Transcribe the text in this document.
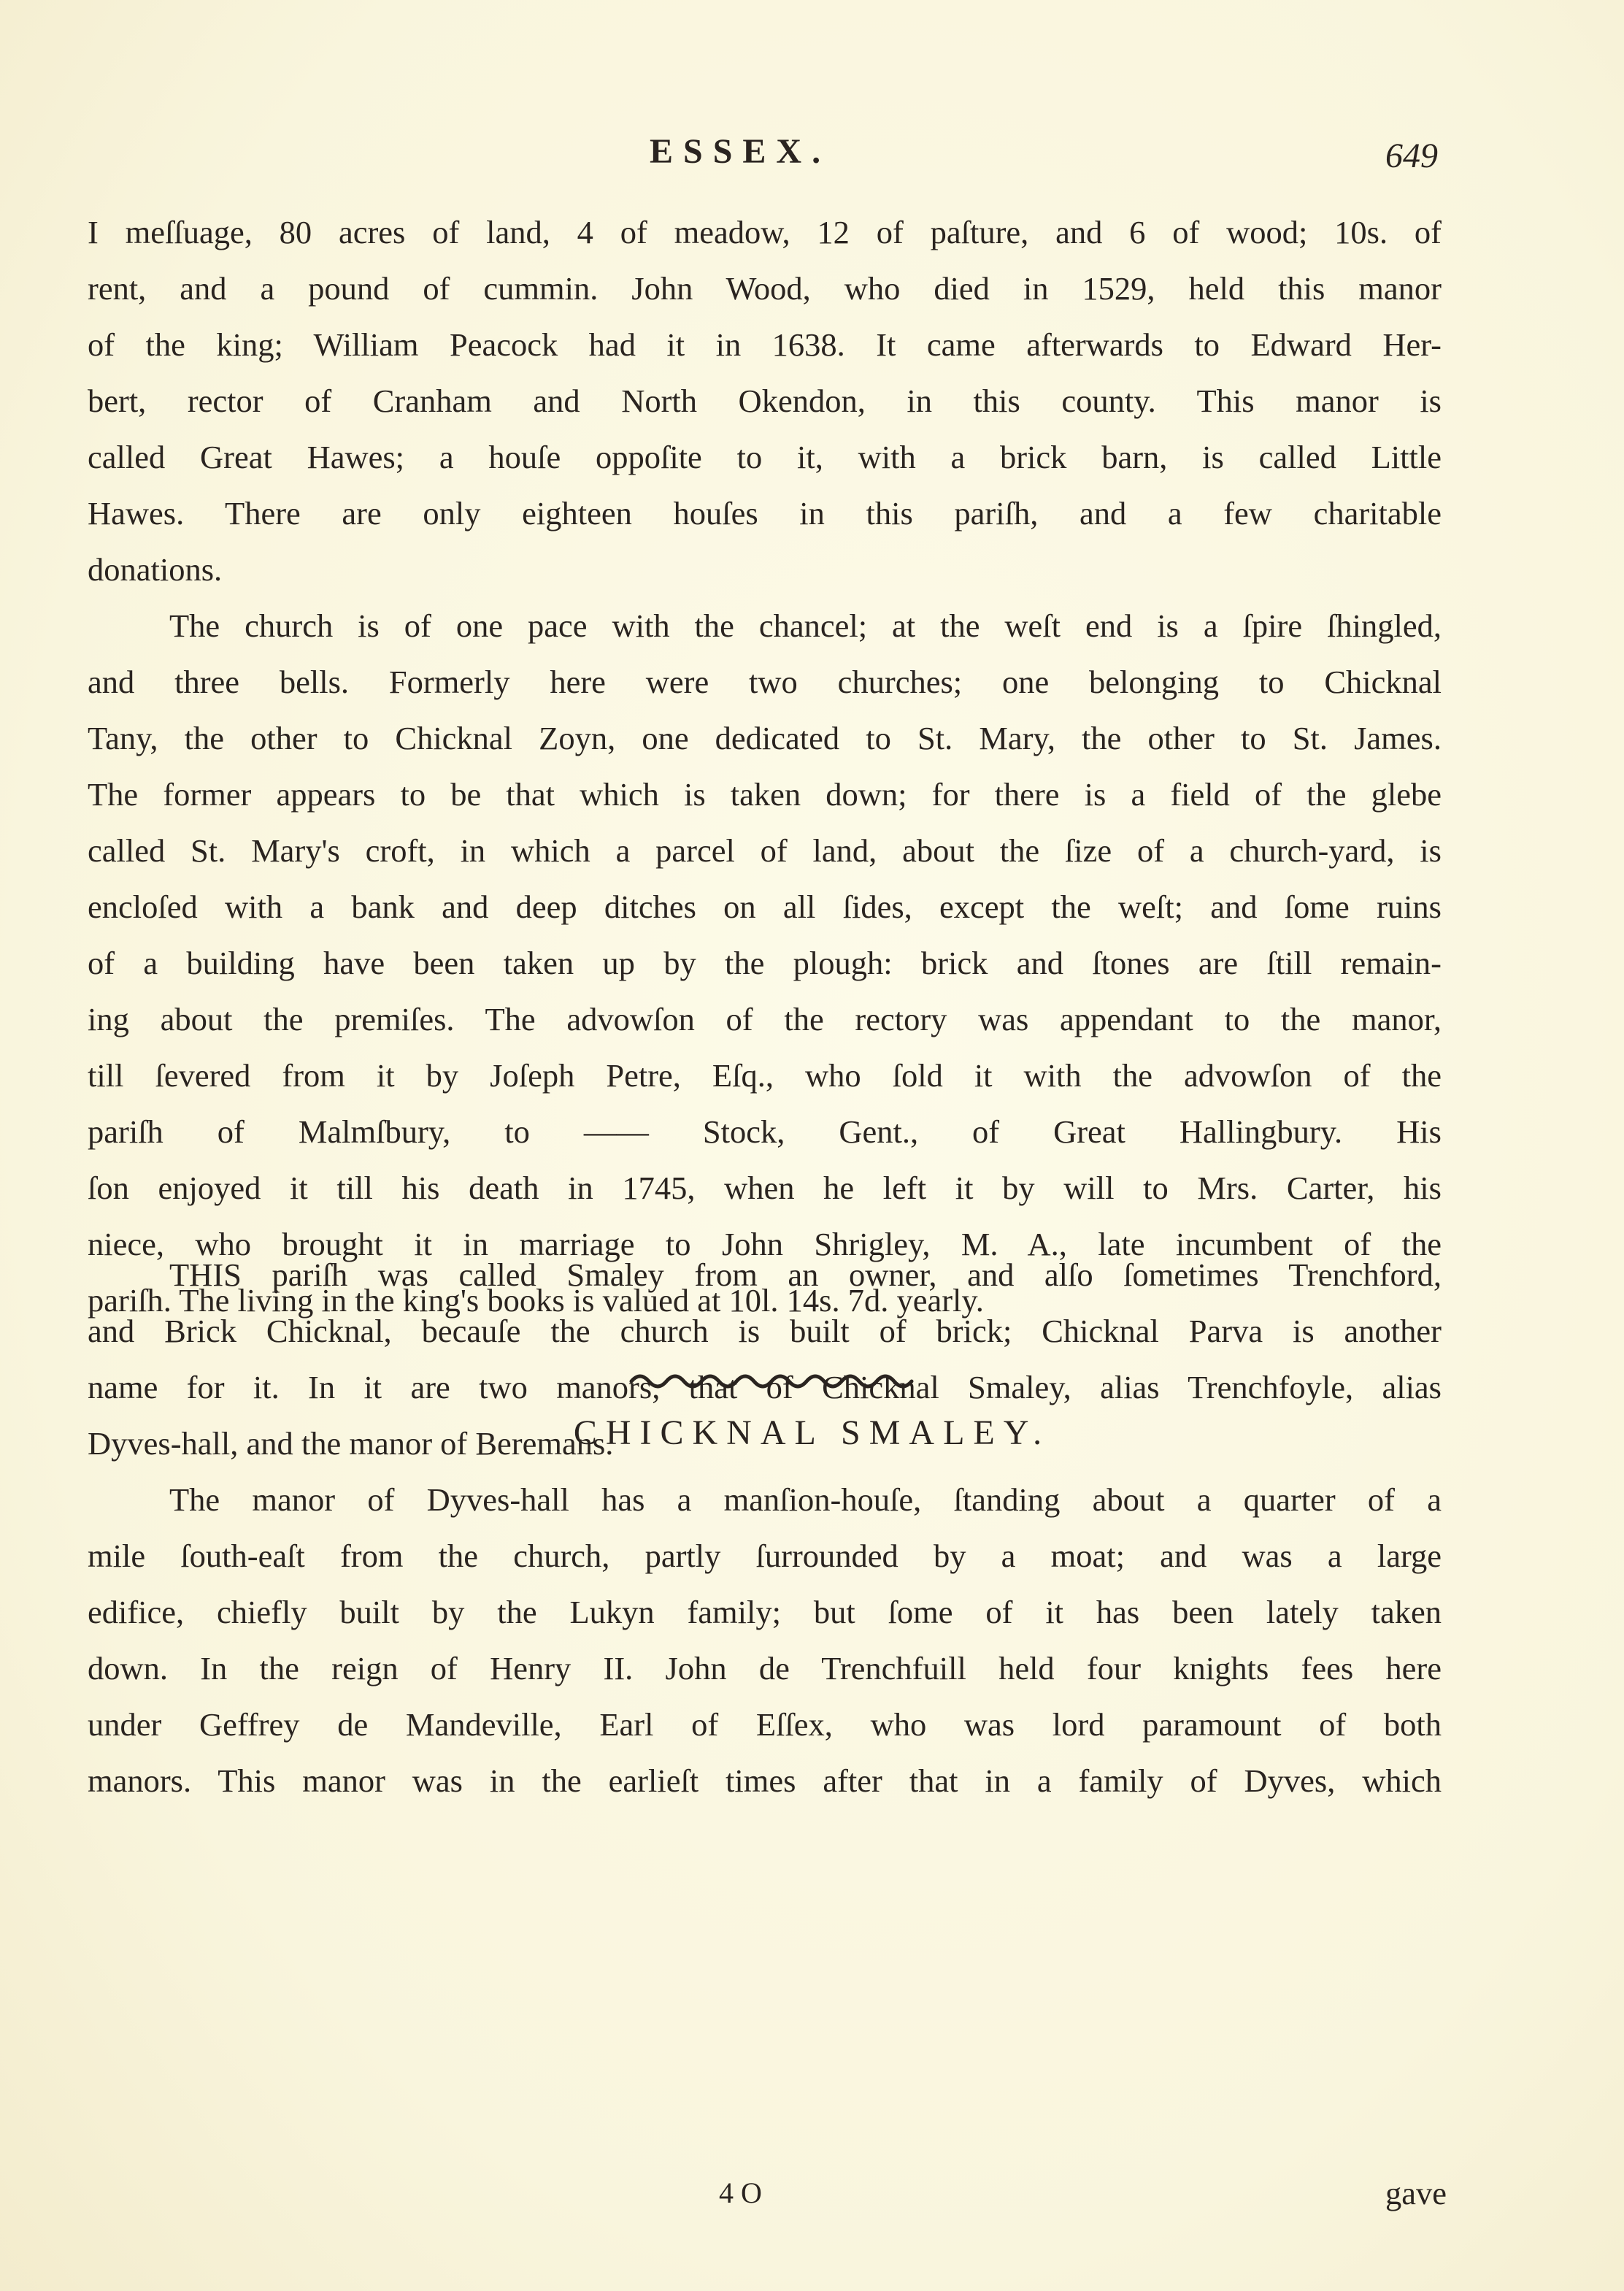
ESSEX.	649
I meſſuage, 80 acres of land, 4 of meadow, 12 of paſture, and 6 of wood; 10s. of
rent, and a pound of cummin. John Wood, who died in 1529, held this manor
of the king; William Peacock had it in 1638. It came afterwards to Edward Her-
bert, rector of Cranham and North Okendon, in this county. This manor is
called Great Hawes; a houſe oppoſite to it, with a brick barn, is called Little
Hawes. There are only eighteen houſes in this pariſh, and a few charitable
donations.
The church is of one pace with the chancel; at the weſt end is a ſpire ſhingled,
and three bells. Formerly here were two churches; one belonging to Chicknal
Tany, the other to Chicknal Zoyn, one dedicated to St. Mary, the other to St. James.
The former appears to be that which is taken down; for there is a field of the glebe
called St. Mary's croft, in which a parcel of land, about the ſize of a church-yard, is
encloſed with a bank and deep ditches on all ſides, except the weſt; and ſome ruins
of a building have been taken up by the plough: brick and ſtones are ſtill remain-
ing about the premiſes. The advowſon of the rectory was appendant to the manor,
till ſevered from it by Joſeph Petre, Eſq., who ſold it with the advowſon of the
pariſh of Malmſbury, to —— Stock, Gent., of Great Hallingbury. His
ſon enjoyed it till his death in 1745, when he left it by will to Mrs. Carter, his
niece, who brought it in marriage to John Shrigley, M. A., late incumbent of the
pariſh. The living in the king's books is valued at 10l. 14s. 7d. yearly.
CHICKNAL SMALEY.
THIS pariſh was called Smaley from an owner, and alſo ſometimes Trenchford,
and Brick Chicknal, becauſe the church is built of brick; Chicknal Parva is another
name for it. In it are two manors, that of Chicknal Smaley, alias Trenchfoyle, alias
Dyves-hall, and the manor of Beremans.
The manor of Dyves-hall has a manſion-houſe, ſtanding about a quarter of a
mile ſouth-eaſt from the church, partly ſurrounded by a moat; and was a large
edifice, chiefly built by the Lukyn family; but ſome of it has been lately taken
down. In the reign of Henry II. John de Trenchfuill held four knights fees here
under Geffrey de Mandeville, Earl of Eſſex, who was lord paramount of both
manors. This manor was in the earlieſt times after that in a family of Dyves, which
4 O	gave
